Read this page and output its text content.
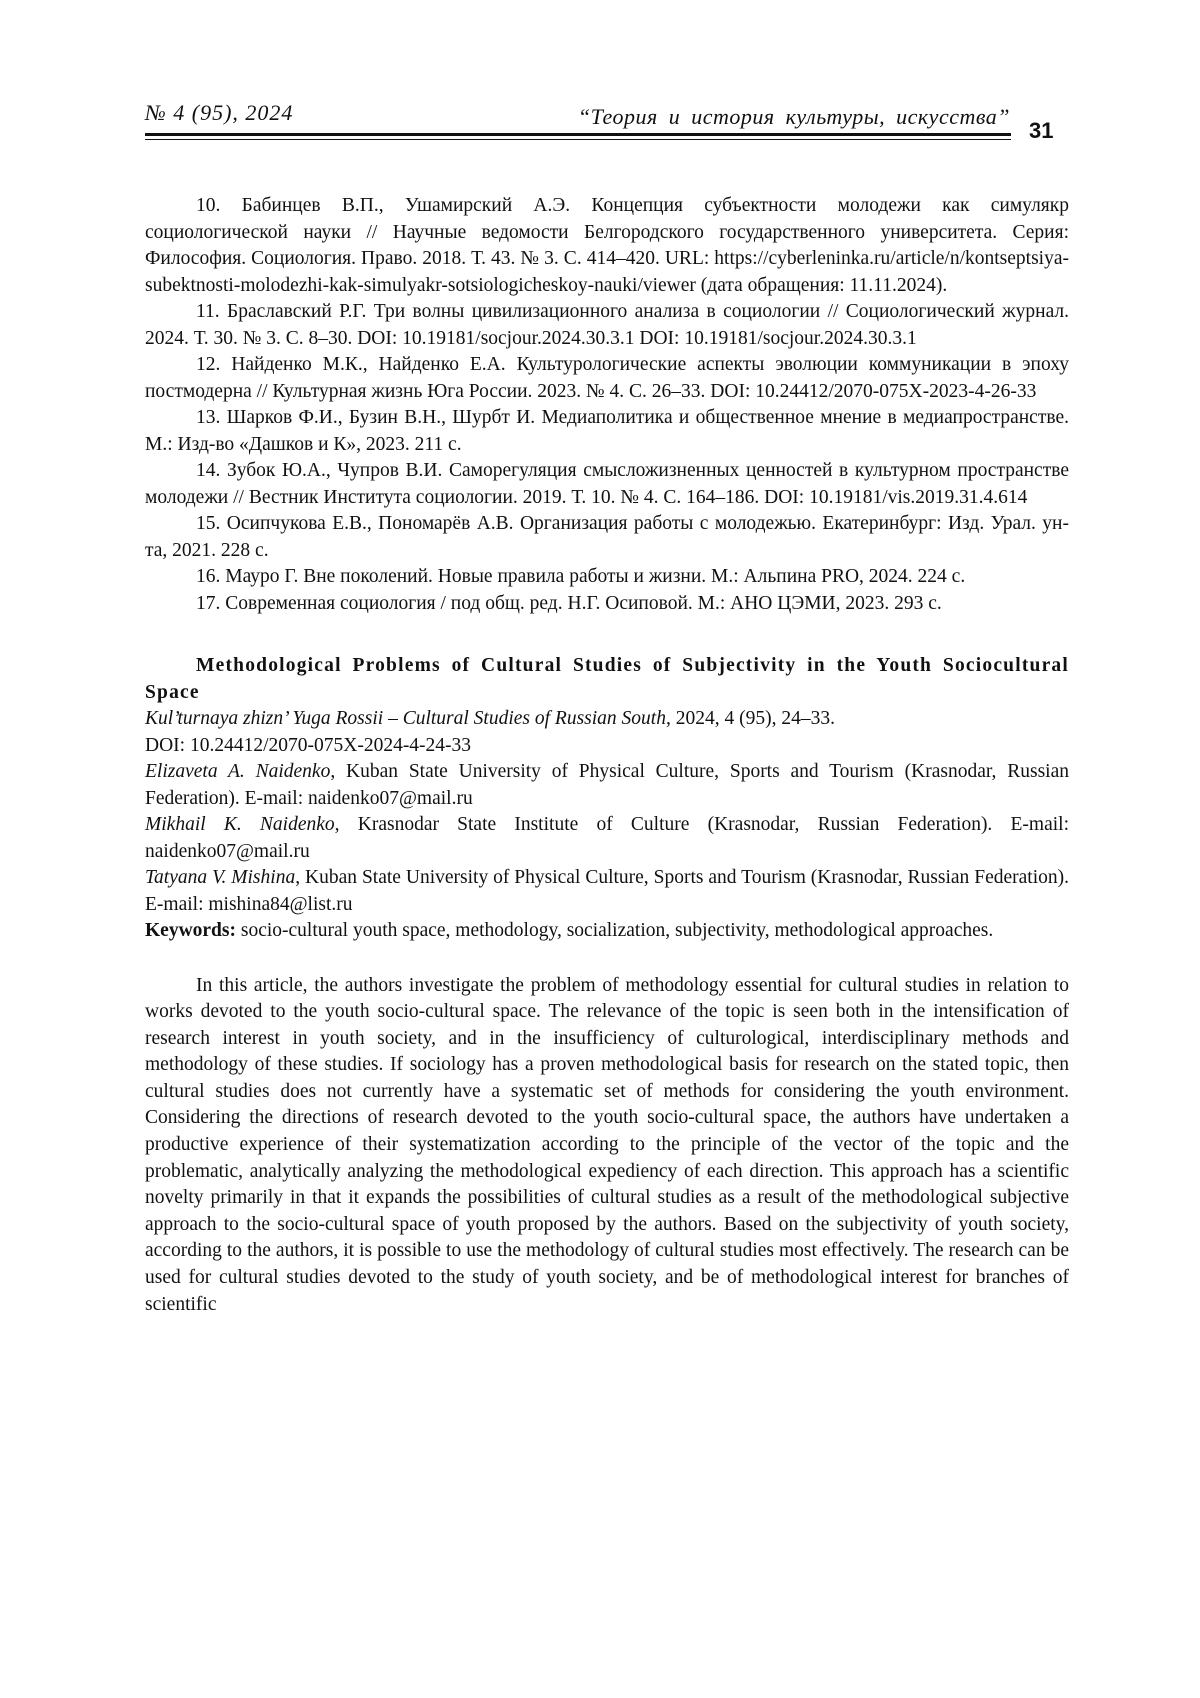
№ 4 (95), 2024	“Теория и история культуры, искусства”
31

10. Бабинцев В.П., Ушамирский А.Э. Концепция субъектности молодежи как симулякр социологической науки // Научные ведомости Белгородского государственного университета. Серия: Философия. Социология. Право. 2018. Т. 43. № 3. С. 414–420. URL: https://cyberleninka.ru/article/n/kontseptsiya-subektnosti-molodezhi-kak-simulyakr-sotsiologicheskoy-nauki/viewer (дата обращения: 11.11.2024).

11. Браславский Р.Г. Три волны цивилизационного анализа в социологии // Социологический журнал. 2024. Т. 30. № 3. С. 8–30. DOI: 10.19181/socjour.2024.30.3.1 DOI: 10.19181/socjour.2024.30.3.1

12. Найденко М.К., Найденко Е.А. Культурологические аспекты эволюции коммуникации в эпоху постмодерна // Культурная жизнь Юга России. 2023. № 4. С. 26–33. DOI: 10.24412/2070-075X-2023-4-26-33

13. Шарков Ф.И., Бузин В.Н., Шурбт И. Медиаполитика и общественное мнение в медиапространстве. М.: Изд-во «Дашков и К», 2023. 211 с.

14. Зубок Ю.А., Чупров В.И. Саморегуляция смысложизненных ценностей в культурном пространстве молодежи // Вестник Института социологии. 2019. Т. 10. № 4. С. 164–186. DOI: 10.19181/vis.2019.31.4.614

15. Осипчукова Е.В., Пономарёв А.В. Организация работы с молодежью. Екатеринбург: Изд. Урал. ун-та, 2021. 228 с.

16. Мауро Г. Вне поколений. Новые правила работы и жизни. М.: Альпина PRO, 2024. 224 с.

17. Современная социология / под общ. ред. Н.Г. Осиповой. М.: АНО ЦЭМИ, 2023. 293 с.

Methodological Problems of Cultural Studies of Subjectivity in the Youth Sociocultural Space

Kul’turnaya zhizn’ Yuga Rossii – Cultural Studies of Russian South, 2024, 4 (95), 24–33.

DOI: 10.24412/2070-075X-2024-4-24-33

Elizaveta A. Naidenko, Kuban State University of Physical Culture, Sports and Tourism (Krasnodar, Russian Federation). E-mail: naidenko07@mail.ru

Mikhail K. Naidenko, Krasnodar State Institute of Culture (Krasnodar, Russian Federation). E-mail: naidenko07@mail.ru

Tatyana V. Mishina, Kuban State University of Physical Culture, Sports and Tourism (Krasnodar, Russian Federation). E-mail: mishina84@list.ru

Keywords: socio-cultural youth space, methodology, socialization, subjectivity, methodological approaches.

In this article, the authors investigate the problem of methodology essential for cultural studies in relation to works devoted to the youth socio-cultural space. The relevance of the topic is seen both in the intensification of research interest in youth society, and in the insufficiency of culturological, interdisciplinary methods and methodology of these studies. If sociology has a proven methodological basis for research on the stated topic, then cultural studies does not currently have a systematic set of methods for considering the youth environment. Considering the directions of research devoted to the youth socio-cultural space, the authors have undertaken a productive experience of their systematization according to the principle of the vector of the topic and the problematic, analytically analyzing the methodological expediency of each direction. This approach has a scientific novelty primarily in that it expands the possibilities of cultural studies as a result of the methodological subjective approach to the socio-cultural space of youth proposed by the authors. Based on the subjectivity of youth society, according to the authors, it is possible to use the methodology of cultural studies most effectively. The research can be used for cultural studies devoted to the study of youth society, and be of methodological interest for branches of scientific
